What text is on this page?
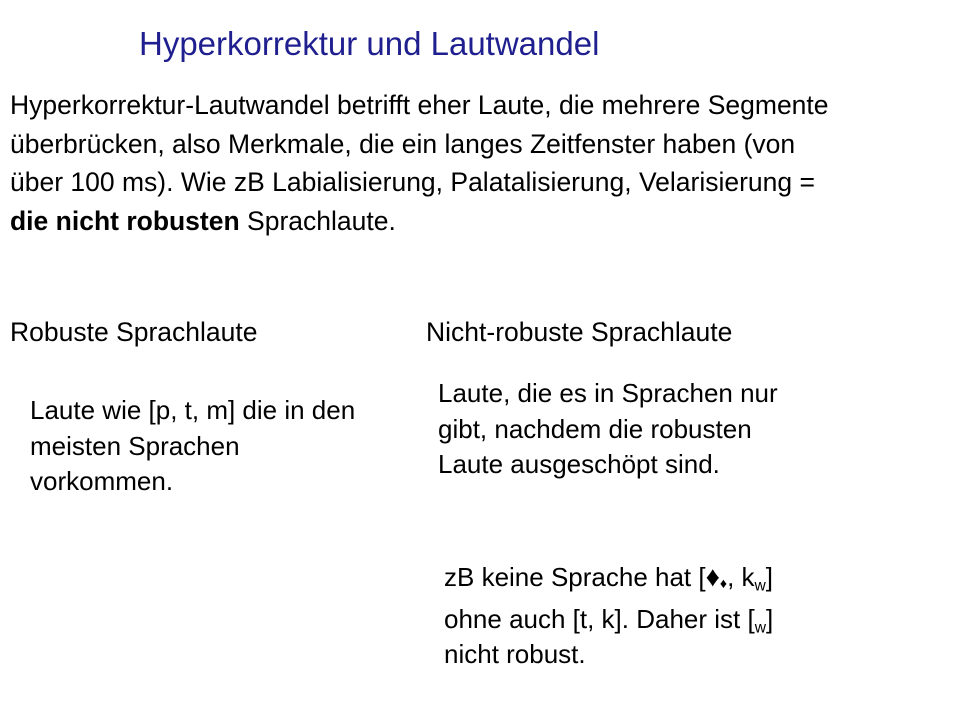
Hyperkorrektur und Lautwandel
Hyperkorrektur-Lautwandel betrifft eher Laute, die mehrere Segmente überbrücken, also Merkmale, die ein langes Zeitfenster haben (von über 100 ms). Wie zB Labialisierung, Palatalisierung, Velarisierung = die nicht robusten Sprachlaute.
Robuste Sprachlaute	Nicht-robuste Sprachlaute
Laute wie [p, t, m] die in den meisten Sprachen vorkommen.
Laute, die es in Sprachen nur gibt, nachdem die robusten Laute ausgeschöpt sind.
zB keine Sprache hat [♦♦, $k_w$]
ohne auch [t, k]. Daher ist $[_w]$
nicht robust.
